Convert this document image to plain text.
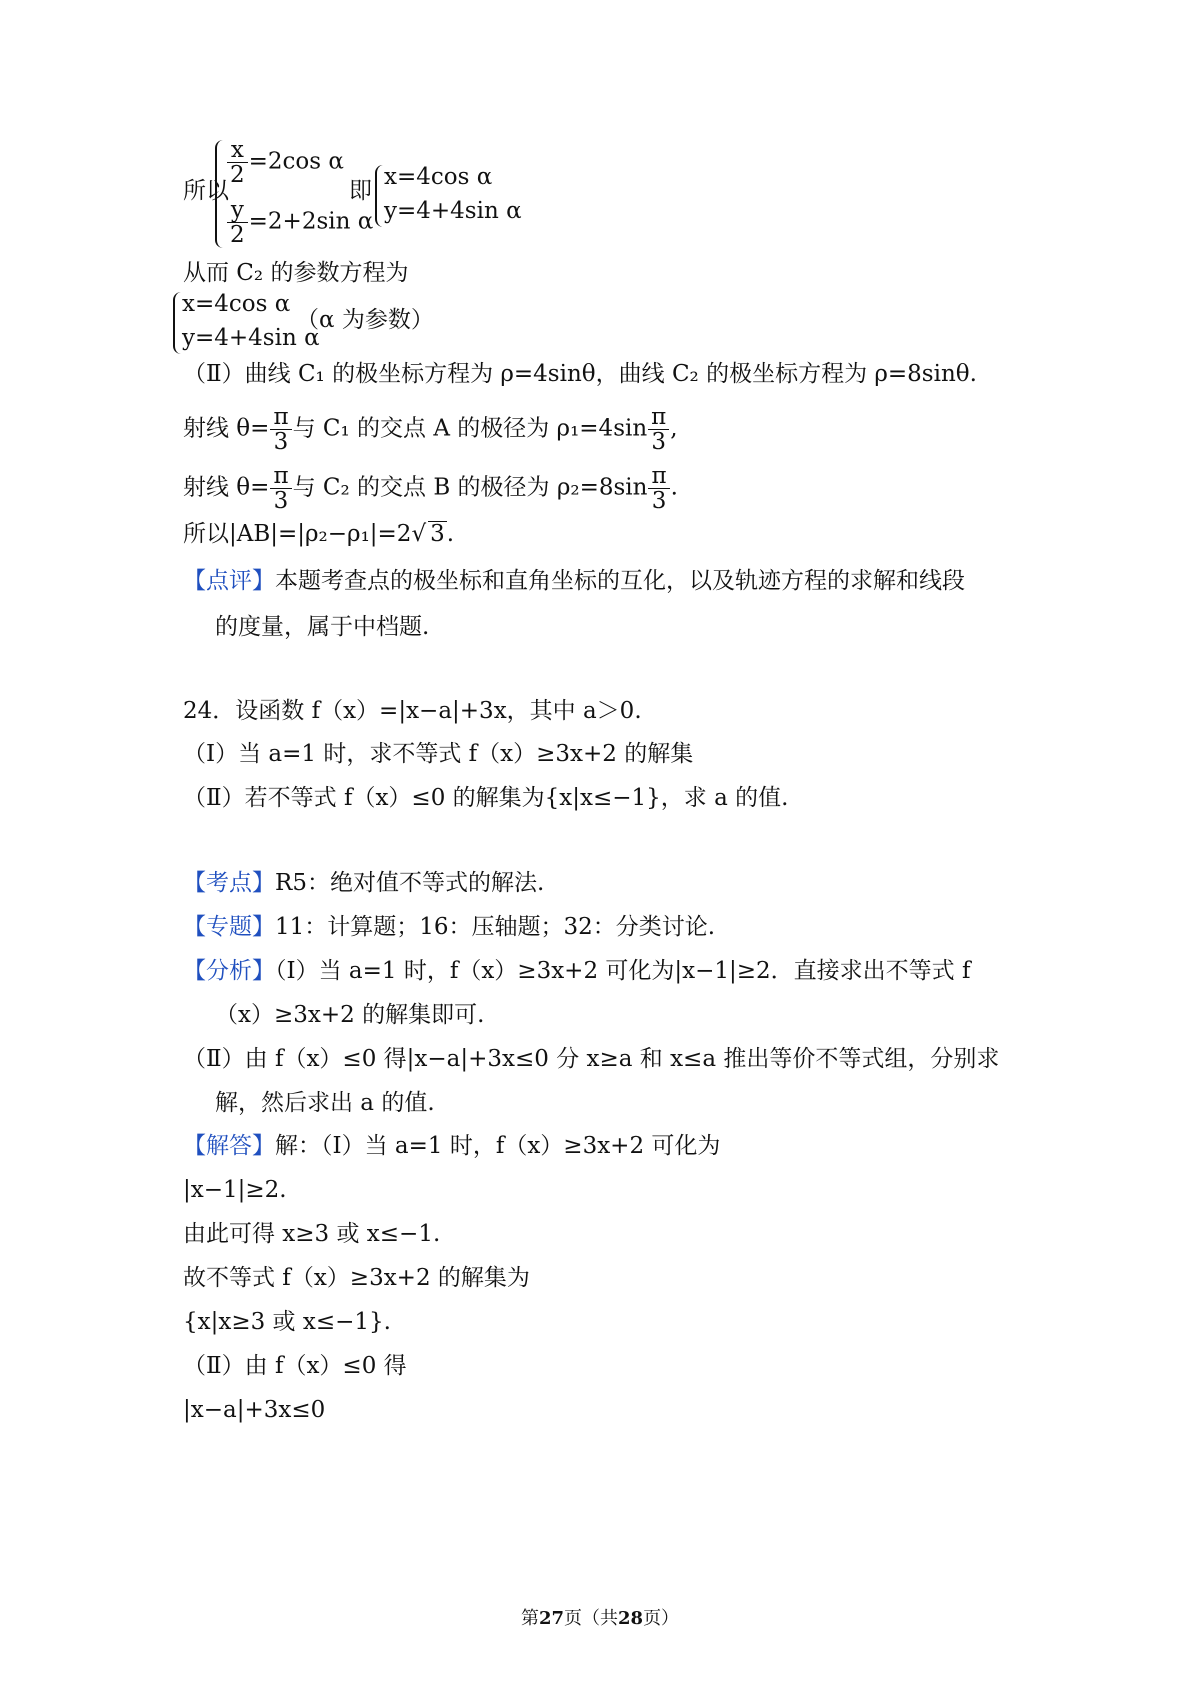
所以
$\frac{x}{2} =2\cos$ α
$\frac{y}{2} =2+2\sin$ α
即
x=4cos α
y=4+4sin α
从而 C₂ 的参数方程为
x=4cos α
y=4+4sin α
（α 为参数）
（Ⅱ）曲线 C₁ 的极坐标方程为 ρ=4sinθ，曲线 C₂ 的极坐标方程为 ρ=8sinθ.
射线 $\theta= \frac{\pi}{3}$ 与 C₁ 的交点 A 的极径为 $\rho_1=4\sin \frac{\pi}{3}$ ,
射线 $\theta= \frac{\pi}{3}$ 与 C₂ 的交点 B 的极径为 $\rho_2=8\sin \frac{\pi}{3}$ .
所以|AB|=|ρ₂−ρ₁|=2√ 3.
【点评】本题考查点的极坐标和直角坐标的互化，以及轨迹方程的求解和线段
的度量，属于中档题.
24．设函数 f（x）=|x−a|+3x，其中 a＞0.
（Ⅰ）当 a=1 时，求不等式 f（x）≥3x+2 的解集
（Ⅱ）若不等式 f（x）≤0 的解集为{x|x≤−1}，求 a 的值.
【考点】R5：绝对值不等式的解法.
【专题】11：计算题；16：压轴题；32：分类讨论.
【分析】（Ⅰ）当 a=1 时，f（x）≥3x+2 可化为|x−1|≥2．直接求出不等式 f
（x）≥3x+2 的解集即可.
（Ⅱ）由 f（x）≤0 得|x−a|+3x≤0 分 x≥a 和 x≤a 推出等价不等式组，分别求
解，然后求出 a 的值.
【解答】解：（Ⅰ）当 a=1 时，f（x）≥3x+2 可化为
|x−1|≥2.
由此可得 x≥3 或 x≤−1.
故不等式 f（x）≥3x+2 的解集为
{x|x≥3 或 x≤−1}.
（Ⅱ）由 f（x）≤0 得
|x−a|+3x≤0
第27页（共28页）
